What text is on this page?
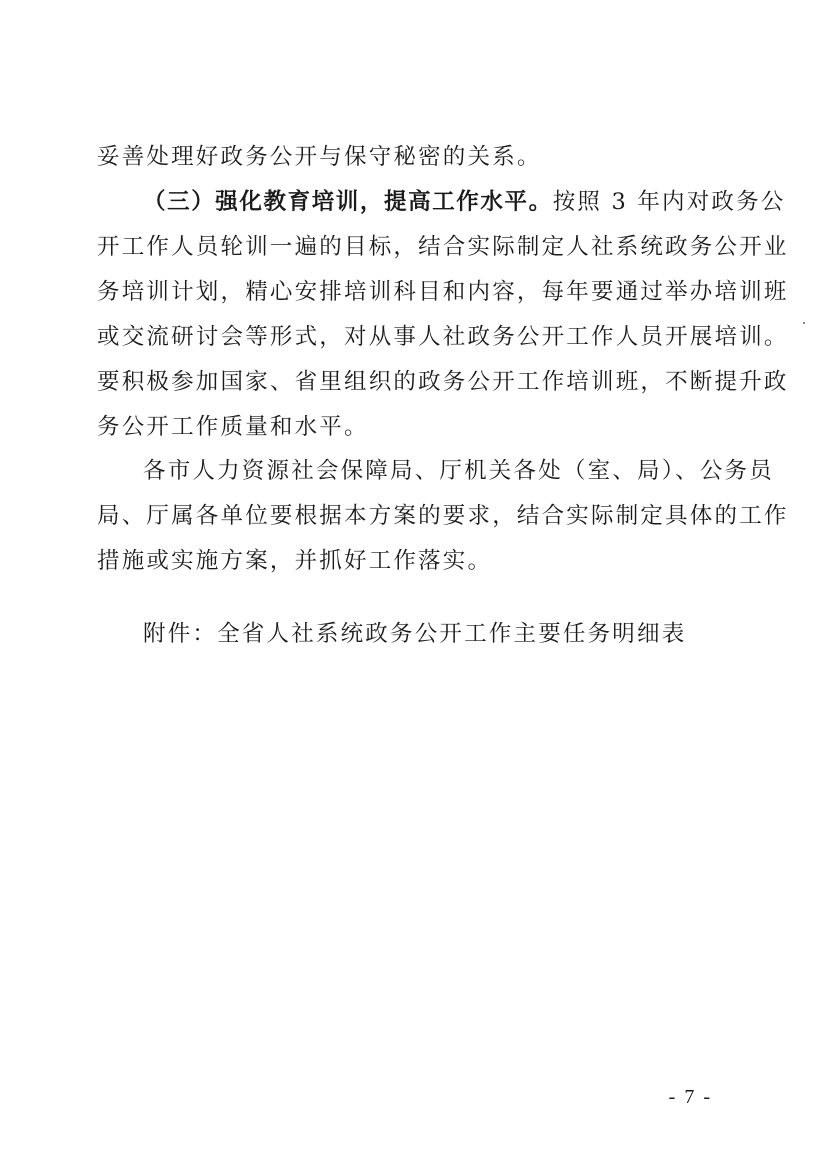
妥善处理好政务公开与保守秘密的关系。
（三）强化教育培训，提高工作水平。按照 3 年内对政务公
开工作人员轮训一遍的目标，结合实际制定人社系统政务公开业
务培训计划，精心安排培训科目和内容，每年要通过举办培训班
或交流研讨会等形式，对从事人社政务公开工作人员开展培训。
要积极参加国家、省里组织的政务公开工作培训班，不断提升政
务公开工作质量和水平。
各市人力资源社会保障局、厅机关各处（室、局）、公务员
局、厅属各单位要根据本方案的要求，结合实际制定具体的工作
措施或实施方案，并抓好工作落实。
附件：全省人社系统政务公开工作主要任务明细表
- 7 -
